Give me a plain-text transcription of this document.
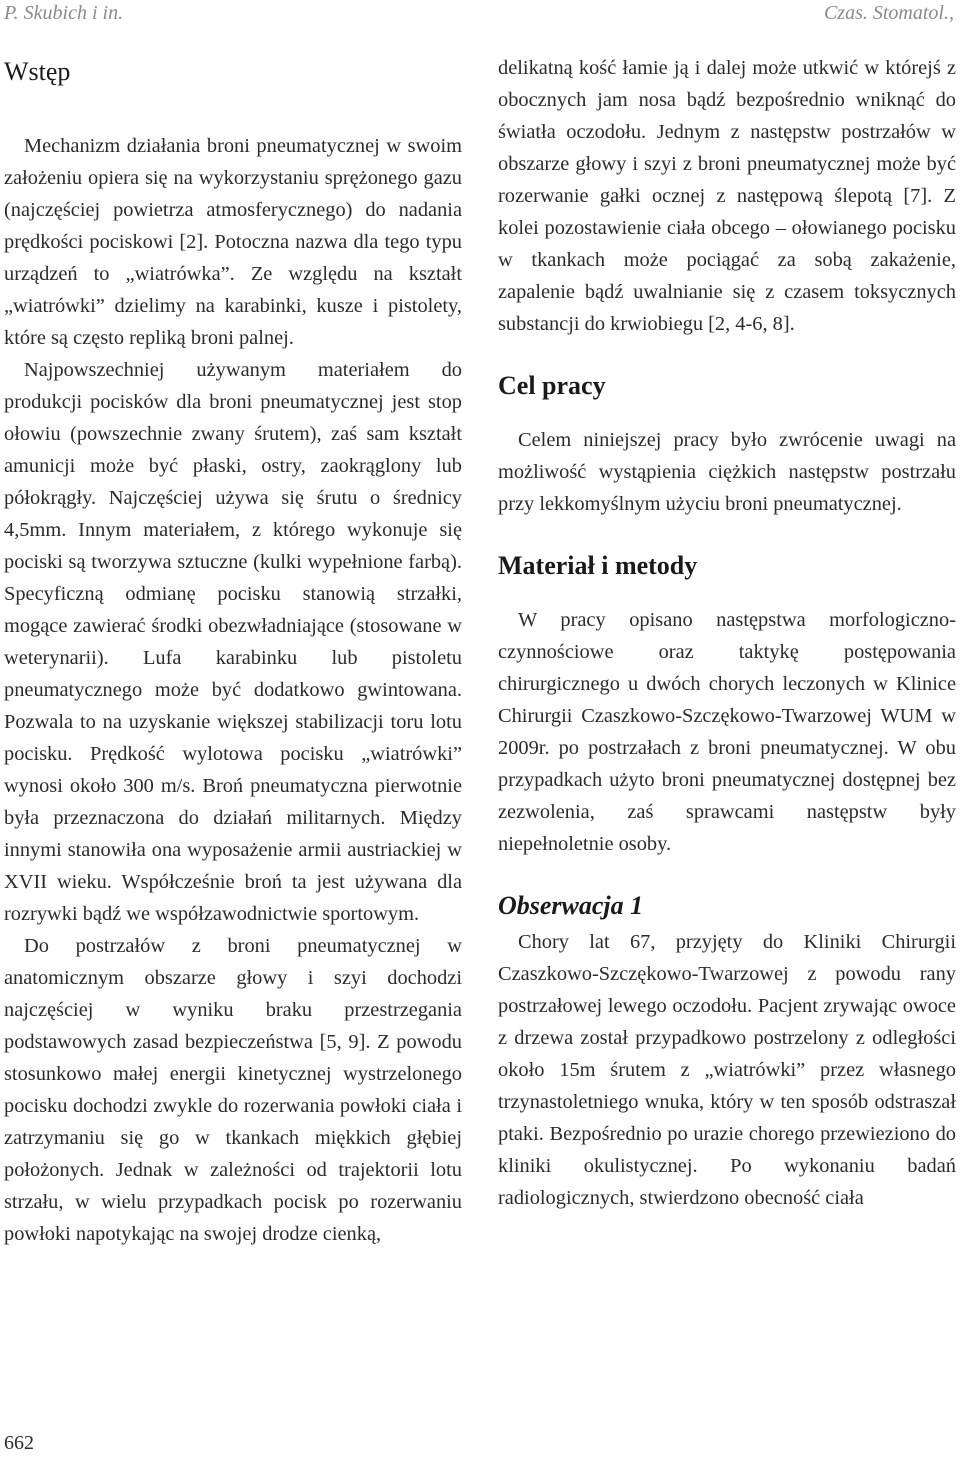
P. Skubich i in.	Czas. Stomatol.,
Wstęp

Mechanizm działania broni pneumatycznej w swoim założeniu opiera się na wykorzystaniu sprężonego gazu (najczęściej powietrza atmosferycznego) do nadania prędkości pociskowi [2]. Potoczna nazwa dla tego typu urządzeń to „wiatrówka”. Ze względu na kształt „wiatrówki” dzielimy na karabinki, kusze i pistolety, które są często repliką broni palnej.

Najpowszechniej używanym materiałem do produkcji pocisków dla broni pneumatycznej jest stop ołowiu (powszechnie zwany śrutem), zaś sam kształt amunicji może być płaski, ostry, zaokrąglony lub półokrągły. Najczęściej używa się śrutu o średnicy 4,5mm. Innym materiałem, z którego wykonuje się pociski są tworzywa sztuczne (kulki wypełnione farbą). Specyficzną odmianę pocisku stanowią strzałki, mogące zawierać środki obezwładniające (stosowane w weterynarii). Lufa karabinku lub pistoletu pneumatycznego może być dodatkowo gwintowana. Pozwala to na uzyskanie większej stabilizacji toru lotu pocisku. Prędkość wylotowa pocisku „wiatrówki” wynosi około 300 m/s. Broń pneumatyczna pierwotnie była przeznaczona do działań militarnych. Między innymi stanowiła ona wyposażenie armii austriackiej w XVII wieku. Współcześnie broń ta jest używana dla rozrywki bądź we współzawodnictwie sportowym.

Do postrzałów z broni pneumatycznej w anatomicznym obszarze głowy i szyi dochodzi najczęściej w wyniku braku przestrzegania podstawowych zasad bezpieczeństwa [5, 9]. Z powodu stosunkowo małej energii kinetycznej wystrzelonego pocisku dochodzi zwykle do rozerwania powłoki ciała i zatrzymaniu się go w tkankach miękkich głębiej położonych. Jednak w zależności od trajektorii lotu strzału, w wielu przypadkach pocisk po rozerwaniu powłoki napotykając na swojej drodze cienką,

delikatną kość łamie ją i dalej może utkwić w którejś z obocznych jam nosa bądź bezpośrednio wniknąć do światła oczodołu. Jednym z następstw postrzałów w obszarze głowy i szyi z broni pneumatycznej może być rozerwanie gałki ocznej z następową ślepotą [7]. Z kolei pozostawienie ciała obcego – ołowianego pocisku w tkankach może pociągać za sobą zakażenie, zapalenie bądź uwalnianie się z czasem toksycznych substancji do krwiobiegu [2, 4-6, 8].

Cel pracy

Celem niniejszej pracy było zwrócenie uwagi na możliwość wystąpienia ciężkich następstw postrzału przy lekkomyślnym użyciu broni pneumatycznej.

Materiał i metody

W pracy opisano następstwa morfologiczno-czynnościowe oraz taktykę postępowania chirurgicznego u dwóch chorych leczonych w Klinice Chirurgii Czaszkowo-Szczękowo-Twarzowej WUM w 2009r. po postrzałach z broni pneumatycznej. W obu przypadkach użyto broni pneumatycznej dostępnej bez zezwolenia, zaś sprawcami następstw były niepełnoletnie osoby.

Obserwacja 1

Chory lat 67, przyjęty do Kliniki Chirurgii Czaszkowo-Szczękowo-Twarzowej z powodu rany postrzałowej lewego oczodołu. Pacjent zrywając owoce z drzewa został przypadkowo postrzelony z odległości około 15m śrutem z „wiatrówki” przez własnego trzynastoletniego wnuka, który w ten sposób odstraszał ptaki. Bezpośrednio po urazie chorego przewieziono do kliniki okulistycznej. Po wykonaniu badań radiologicznych, stwierdzono obecność ciała

662
